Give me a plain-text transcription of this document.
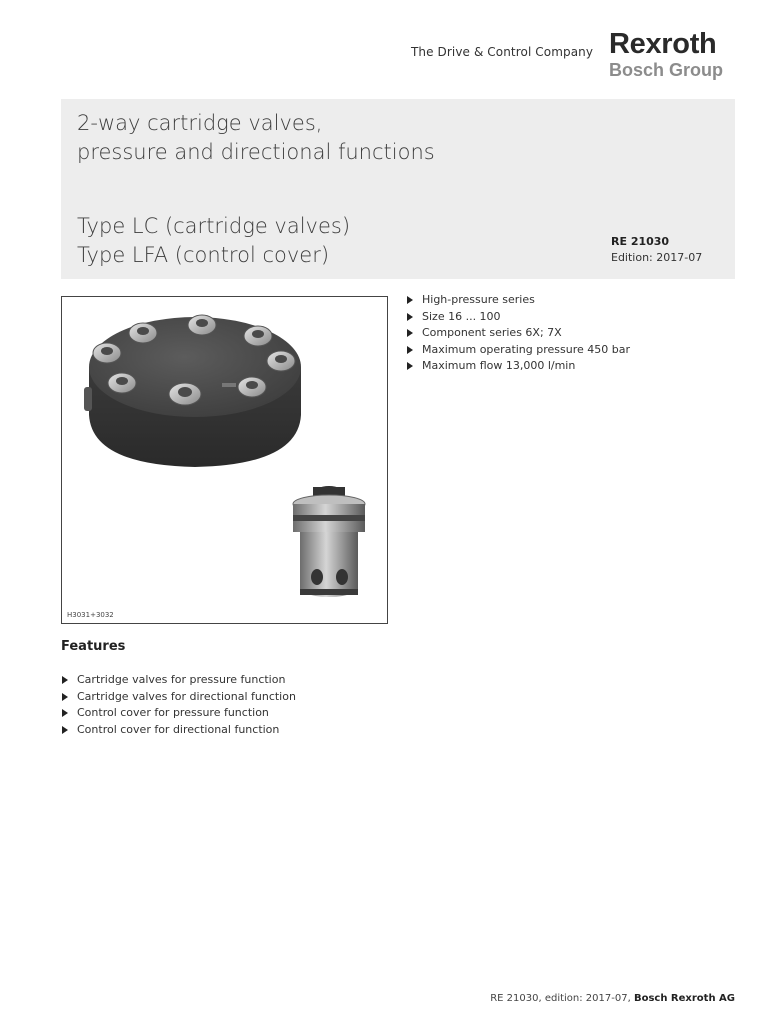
The Drive & Control Company Rexroth
Bosch Group
2-way cartridge valves,
pressure and directional functions
Type LC (cartridge valves)
Type LFA (control cover)
RE 21030
Edition: 2017-07
H3031+3032
High-pressure series
Size 16 ... 100
Component series 6X; 7X
Maximum operating pressure 450 bar
Maximum flow 13,000 l/min
Features
Cartridge valves for pressure function
Cartridge valves for directional function
Control cover for pressure function
Control cover for directional function
RE 21030, edition: 2017-07, Bosch Rexroth AG
